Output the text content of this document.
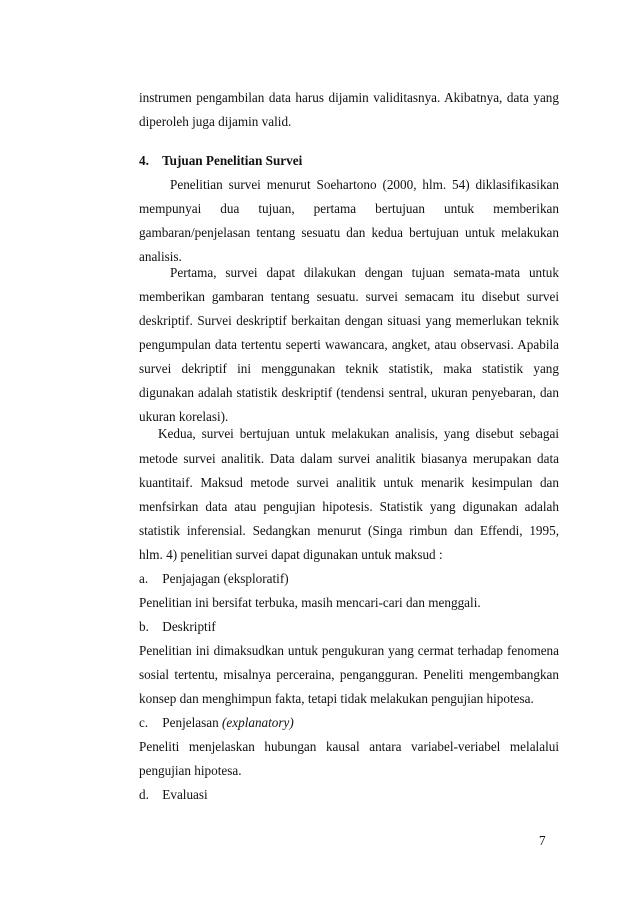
instrumen pengambilan data harus dijamin validitasnya. Akibatnya, data yang
diperoleh juga dijamin valid.
4. Tujuan Penelitian Survei
Penelitian survei menurut Soehartono (2000, hlm. 54) diklasifikasikan
mempunyai dua tujuan, pertama bertujuan untuk memberikan
gambaran/penjelasan tentang sesuatu dan kedua bertujuan untuk melakukan
analisis.
Pertama, survei dapat dilakukan dengan tujuan semata-mata untuk
memberikan gambaran tentang sesuatu. survei semacam itu disebut survei
deskriptif. Survei deskriptif berkaitan dengan situasi yang memerlukan teknik
pengumpulan data tertentu seperti wawancara, angket, atau observasi. Apabila
survei dekriptif ini menggunakan teknik statistik, maka statistik yang
digunakan adalah statistik deskriptif (tendensi sentral, ukuran penyebaran, dan
ukuran korelasi).
Kedua, survei bertujuan untuk melakukan analisis, yang disebut sebagai
metode survei analitik. Data dalam survei analitik biasanya merupakan data
kuantitaif. Maksud metode survei analitik untuk menarik kesimpulan dan
menfsirkan data atau pengujian hipotesis. Statistik yang digunakan adalah
statistik inferensial. Sedangkan menurut (Singa rimbun dan Effendi, 1995,
hlm. 4) penelitian survei dapat digunakan untuk maksud :
a. Penjajagan (eksploratif)
Penelitian ini bersifat terbuka, masih mencari-cari dan menggali.
b. Deskriptif
Penelitian ini dimaksudkan untuk pengukuran yang cermat terhadap fenomena
sosial tertentu, misalnya perceraina, pengangguran. Peneliti mengembangkan
konsep dan menghimpun fakta, tetapi tidak melakukan pengujian hipotesa.
c. Penjelasan (explanatory)
Peneliti menjelaskan hubungan kausal antara variabel-veriabel melalalui
pengujian hipotesa.
d. Evaluasi
7
